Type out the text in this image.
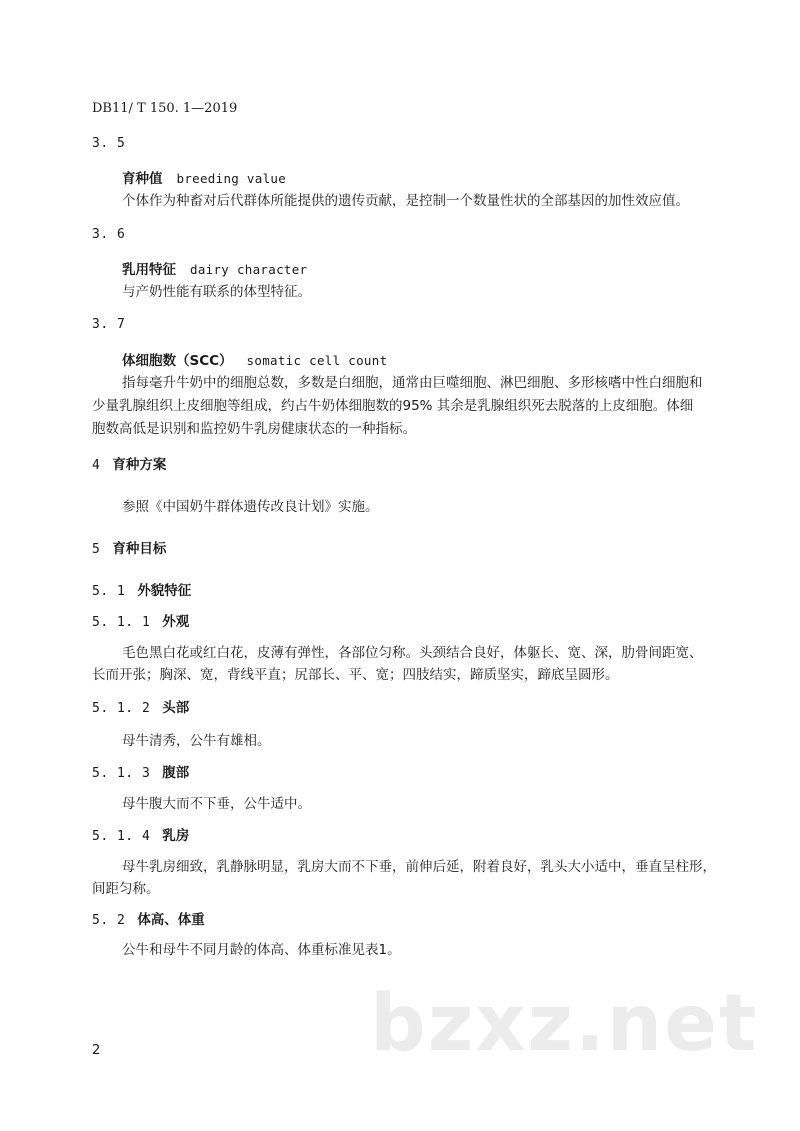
DB11/ T 150. 1—2019
3. 5
育种值 breeding value
个体作为种畜对后代群体所能提供的遗传贡献，是控制一个数量性状的全部基因的加性效应值。
3. 6
乳用特征 dairy character
与产奶性能有联系的体型特征。
3. 7
体细胞数（SCC） somatic cell count
指每毫升牛奶中的细胞总数，多数是白细胞，通常由巨噬细胞、淋巴细胞、多形核嗜中性白细胞和
少量乳腺组织上皮细胞等组成，约占牛奶体细胞数的95% 其余是乳腺组织死去脱落的上皮细胞。体细
胞数高低是识别和监控奶牛乳房健康状态的一种指标。
4 育种方案
参照《中国奶牛群体遗传改良计划》实施。
5 育种目标
5. 1 外貌特征
5. 1. 1 外观
毛色黑白花或红白花，皮薄有弹性，各部位匀称。头颈结合良好，体躯长、宽、深，肋骨间距宽、
长而开张；胸深、宽，背线平直；尻部长、平、宽；四肢结实，蹄质坚实，蹄底呈圆形。
5. 1. 2 头部
母牛清秀，公牛有雄相。
5. 1. 3 腹部
母牛腹大而不下垂，公牛适中。
5. 1. 4 乳房
母牛乳房细致，乳静脉明显，乳房大而不下垂，前伸后延，附着良好，乳头大小适中，垂直呈柱形，
间距匀称。
5. 2 体高、体重
公牛和母牛不同月龄的体高、体重标准见表1。
bzxz.net
2
